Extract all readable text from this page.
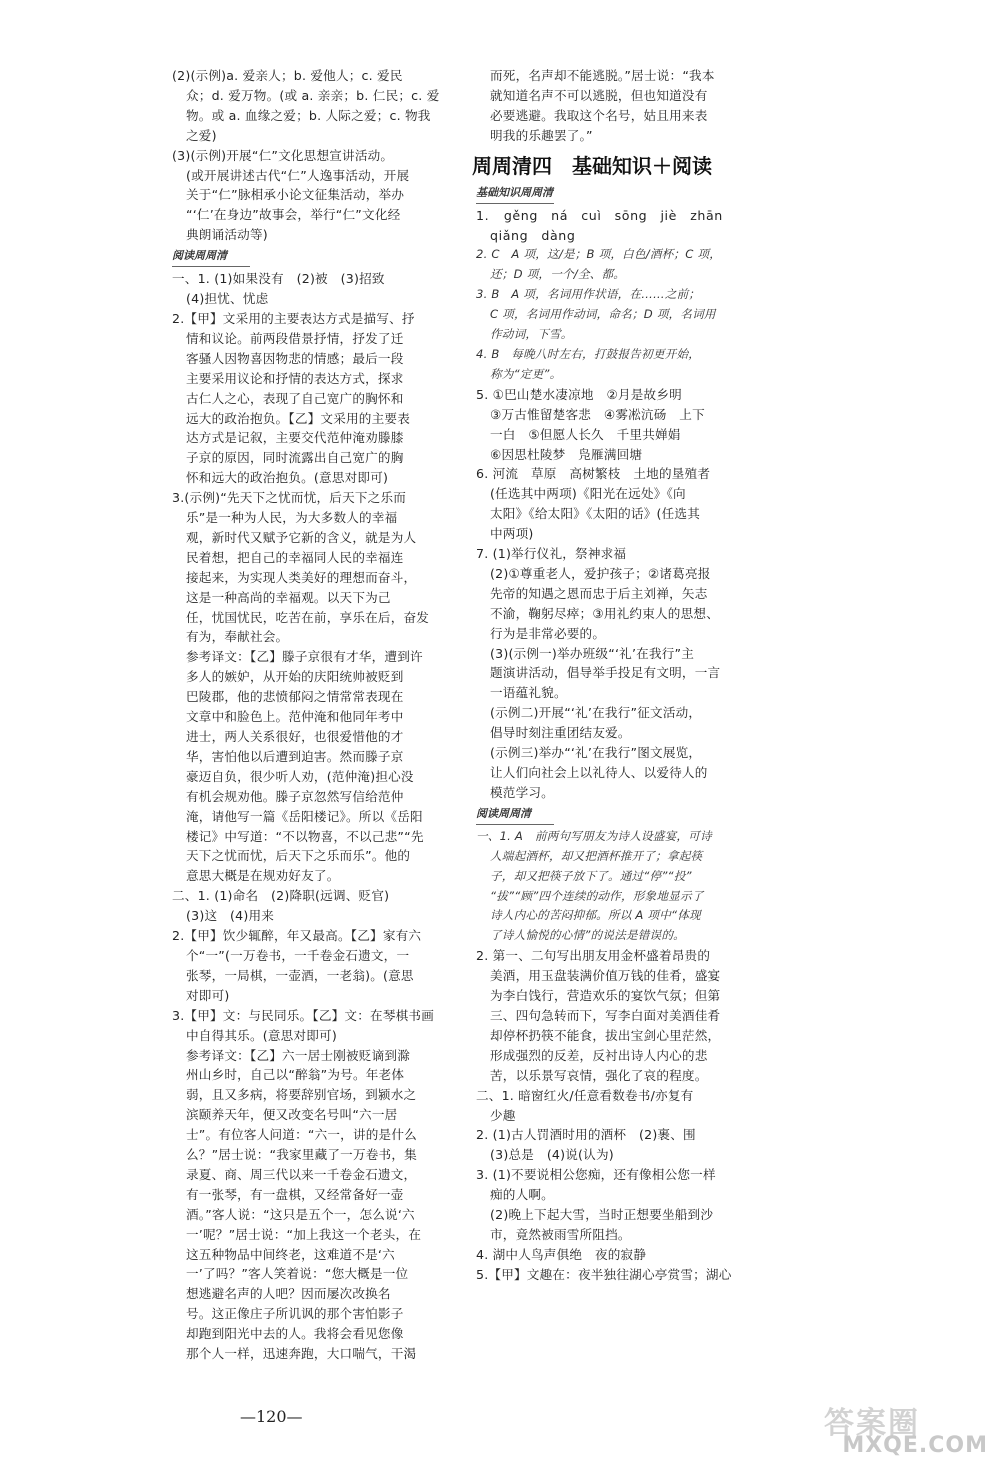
(2)(示例)a. 爱亲人；b. 爱他人；c. 爱民
众；d. 爱万物。(或 a. 亲亲；b. 仁民；c. 爱
物。或 a. 血缘之爱；b. 人际之爱；c. 物我
之爱)
(3)(示例)开展“仁”文化思想宣讲活动。
(或开展讲述古代“仁”人逸事活动，开展
关于“仁”脉相承小论文征集活动，举办
“‘仁’在身边”故事会，举行“仁”文化经
典朗诵活动等)
阅读周周清
一、1. (1)如果没有　(2)被　(3)招致
(4)担忧、忧虑
2.【甲】文采用的主要表达方式是描写、抒
情和议论。前两段借景抒情，抒发了迁
客骚人因物喜因物悲的情感；最后一段
主要采用议论和抒情的表达方式，探求
古仁人之心，表现了自己宽广的胸怀和
远大的政治抱负。【乙】文采用的主要表
达方式是记叙，主要交代范仲淹劝滕膝
子京的原因，同时流露出自己宽广的胸
怀和远大的政治抱负。(意思对即可)
3.(示例)“先天下之忧而忧，后天下之乐而
乐”是一种为人民，为大多数人的幸福
观，新时代又赋予它新的含义，就是为人
民着想，把自己的幸福同人民的幸福连
接起来，为实现人类美好的理想而奋斗，
这是一种高尚的幸福观。以天下为己
任，忧国忧民，吃苦在前，享乐在后，奋发
有为，奉献社会。
参考译文：【乙】滕子京很有才华，遭到许
多人的嫉妒，从开始的庆阳统帅被贬到
巴陵郡，他的悲愤郁闷之情常常表现在
文章中和脸色上。范仲淹和他同年考中
进士，两人关系很好，也很爱惜他的才
华，害怕他以后遭到迫害。然而滕子京
豪迈自负，很少听人劝，(范仲淹)担心没
有机会规劝他。滕子京忽然写信给范仲
淹，请他写一篇《岳阳楼记》。所以《岳阳
楼记》中写道：“不以物喜，不以己悲”“先
天下之忧而忧，后天下之乐而乐”。他的
意思大概是在规劝好友了。
二、1. (1)命名　(2)降职(远调、贬官)
(3)这　(4)用来
2.【甲】饮少辄醉，年又最高。【乙】家有六
个“一”(一万卷书，一千卷金石遗文，一
张琴，一局棋，一壶酒，一老翁)。(意思
对即可)
3.【甲】文：与民同乐。【乙】文：在琴棋书画
中自得其乐。(意思对即可)
参考译文：【乙】六一居士刚被贬谪到滁
州山乡时，自己以“醉翁”为号。年老体
弱，且又多病，将要辞别官场，到颍水之
滨颐养天年，便又改变名号叫“六一居
士”。有位客人问道：“六一，讲的是什么
么？”居士说：“我家里藏了一万卷书，集
录夏、商、周三代以来一千卷金石遗文，
有一张琴，有一盘棋，又经常备好一壶
酒。”客人说：“这只是五个一，怎么说‘六
一’呢？”居士说：“加上我这一个老头，在
这五种物品中间终老，这难道不是‘六
一’了吗？”客人笑着说：“您大概是一位
想逃避名声的人吧？因而屡次改换名
号。这正像庄子所讥讽的那个害怕影子
却跑到阳光中去的人。我将会看见您像
那个人一样，迅速奔跑，大口喘气，干渴
而死，名声却不能逃脱。”居士说：“我本
就知道名声不可以逃脱，但也知道没有
必要逃避。我取这个名号，姑且用来表
明我的乐趣罢了。”
周周清四　基础知识＋阅读
基础知识周周清
1. gěng　ná　cuì　sōng　jiè　zhān
qiǎng　dàng
2. C　A 项，这/是；B 项，白色/酒杯；C 项，
还；D 项，一个/全、都。
3. B　A 项，名词用作状语，在……之前；
C 项，名词用作动词，命名；D 项，名词用
作动词，下雪。
4. B　每晚八时左右，打鼓报告初更开始，
称为“定更”。
5. ①巴山楚水凄凉地　②月是故乡明
③万古惟留楚客悲　④雾凇沆砀　上下
一白　⑤但愿人长久　千里共婵娟
⑥因思杜陵梦　凫雁满回塘
6. 河流　草原　高树繁枝　土地的垦殖者
(任选其中两项)《阳光在远处》《向
太阳》《给太阳》《太阳的话》(任选其
中两项)
7. (1)举行仪礼，祭神求福
(2)①尊重老人，爱护孩子；②诸葛亮报
先帝的知遇之恩而忠于后主刘禅，矢志
不渝，鞠躬尽瘁；③用礼约束人的思想、
行为是非常必要的。
(3)(示例一)举办班级“‘礼’在我行”主
题演讲活动，倡导举手投足有文明，一言
一语蕴礼貌。
(示例二)开展“‘礼’在我行”征文活动，
倡导时刻注重团结友爱。
(示例三)举办“‘礼’在我行”图文展览，
让人们向社会上以礼待人、以爱待人的
模范学习。
阅读周周清
一、1. A　前两句写朋友为诗人设盛宴，可诗
人端起酒杯，却又把酒杯推开了；拿起筷
子，却又把筷子放下了。通过“停”“投”
“拔”“顾”四个连续的动作，形象地显示了
诗人内心的苦闷抑郁。所以 A 项中“体现
了诗人愉悦的心情”的说法是错误的。
2. 第一、二句写出朋友用金杯盛着昂贵的
美酒，用玉盘装满价值万钱的佳肴，盛宴
为李白饯行，营造欢乐的宴饮气氛；但第
三、四句急转而下，写李白面对美酒佳肴
却停杯扔筷不能食，拔出宝剑心里茫然，
形成强烈的反差，反衬出诗人内心的悲
苦，以乐景写哀情，强化了哀的程度。
二、1. 暗窗红火/任意看数卷书/亦复有
少趣
2. (1)古人罚酒时用的酒杯　(2)裹、围
(3)总是　(4)说(认为)
3. (1)不要说相公您痴，还有像相公您一样
痴的人啊。
(2)晚上下起大雪，当时正想要坐船到沙
市，竟然被雨雪所阻挡。
4. 湖中人鸟声俱绝　夜的寂静
5.【甲】文趣在：夜半独往湖心亭赏雪；湖心
—120—	答案圈
MXQE.COM
